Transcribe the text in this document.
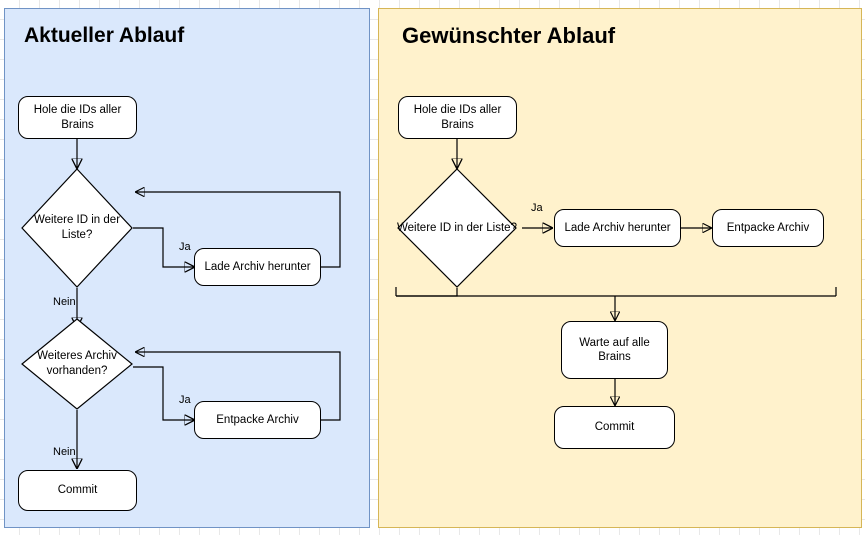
Aktueller Ablauf	Gewünschter Ablauf
Hole die IDs aller Brains
Weitere ID in der Liste?
Lade Archiv herunter
Weiteres Archiv vorhanden?
Entpacke Archiv
Commit
Ja
Nein
Ja
Nein
Hole die IDs aller Brains
Weitere ID in der Liste?	Lade Archiv herunter	Entpacke Archiv
Warte auf alle Brains
Commit
Ja
